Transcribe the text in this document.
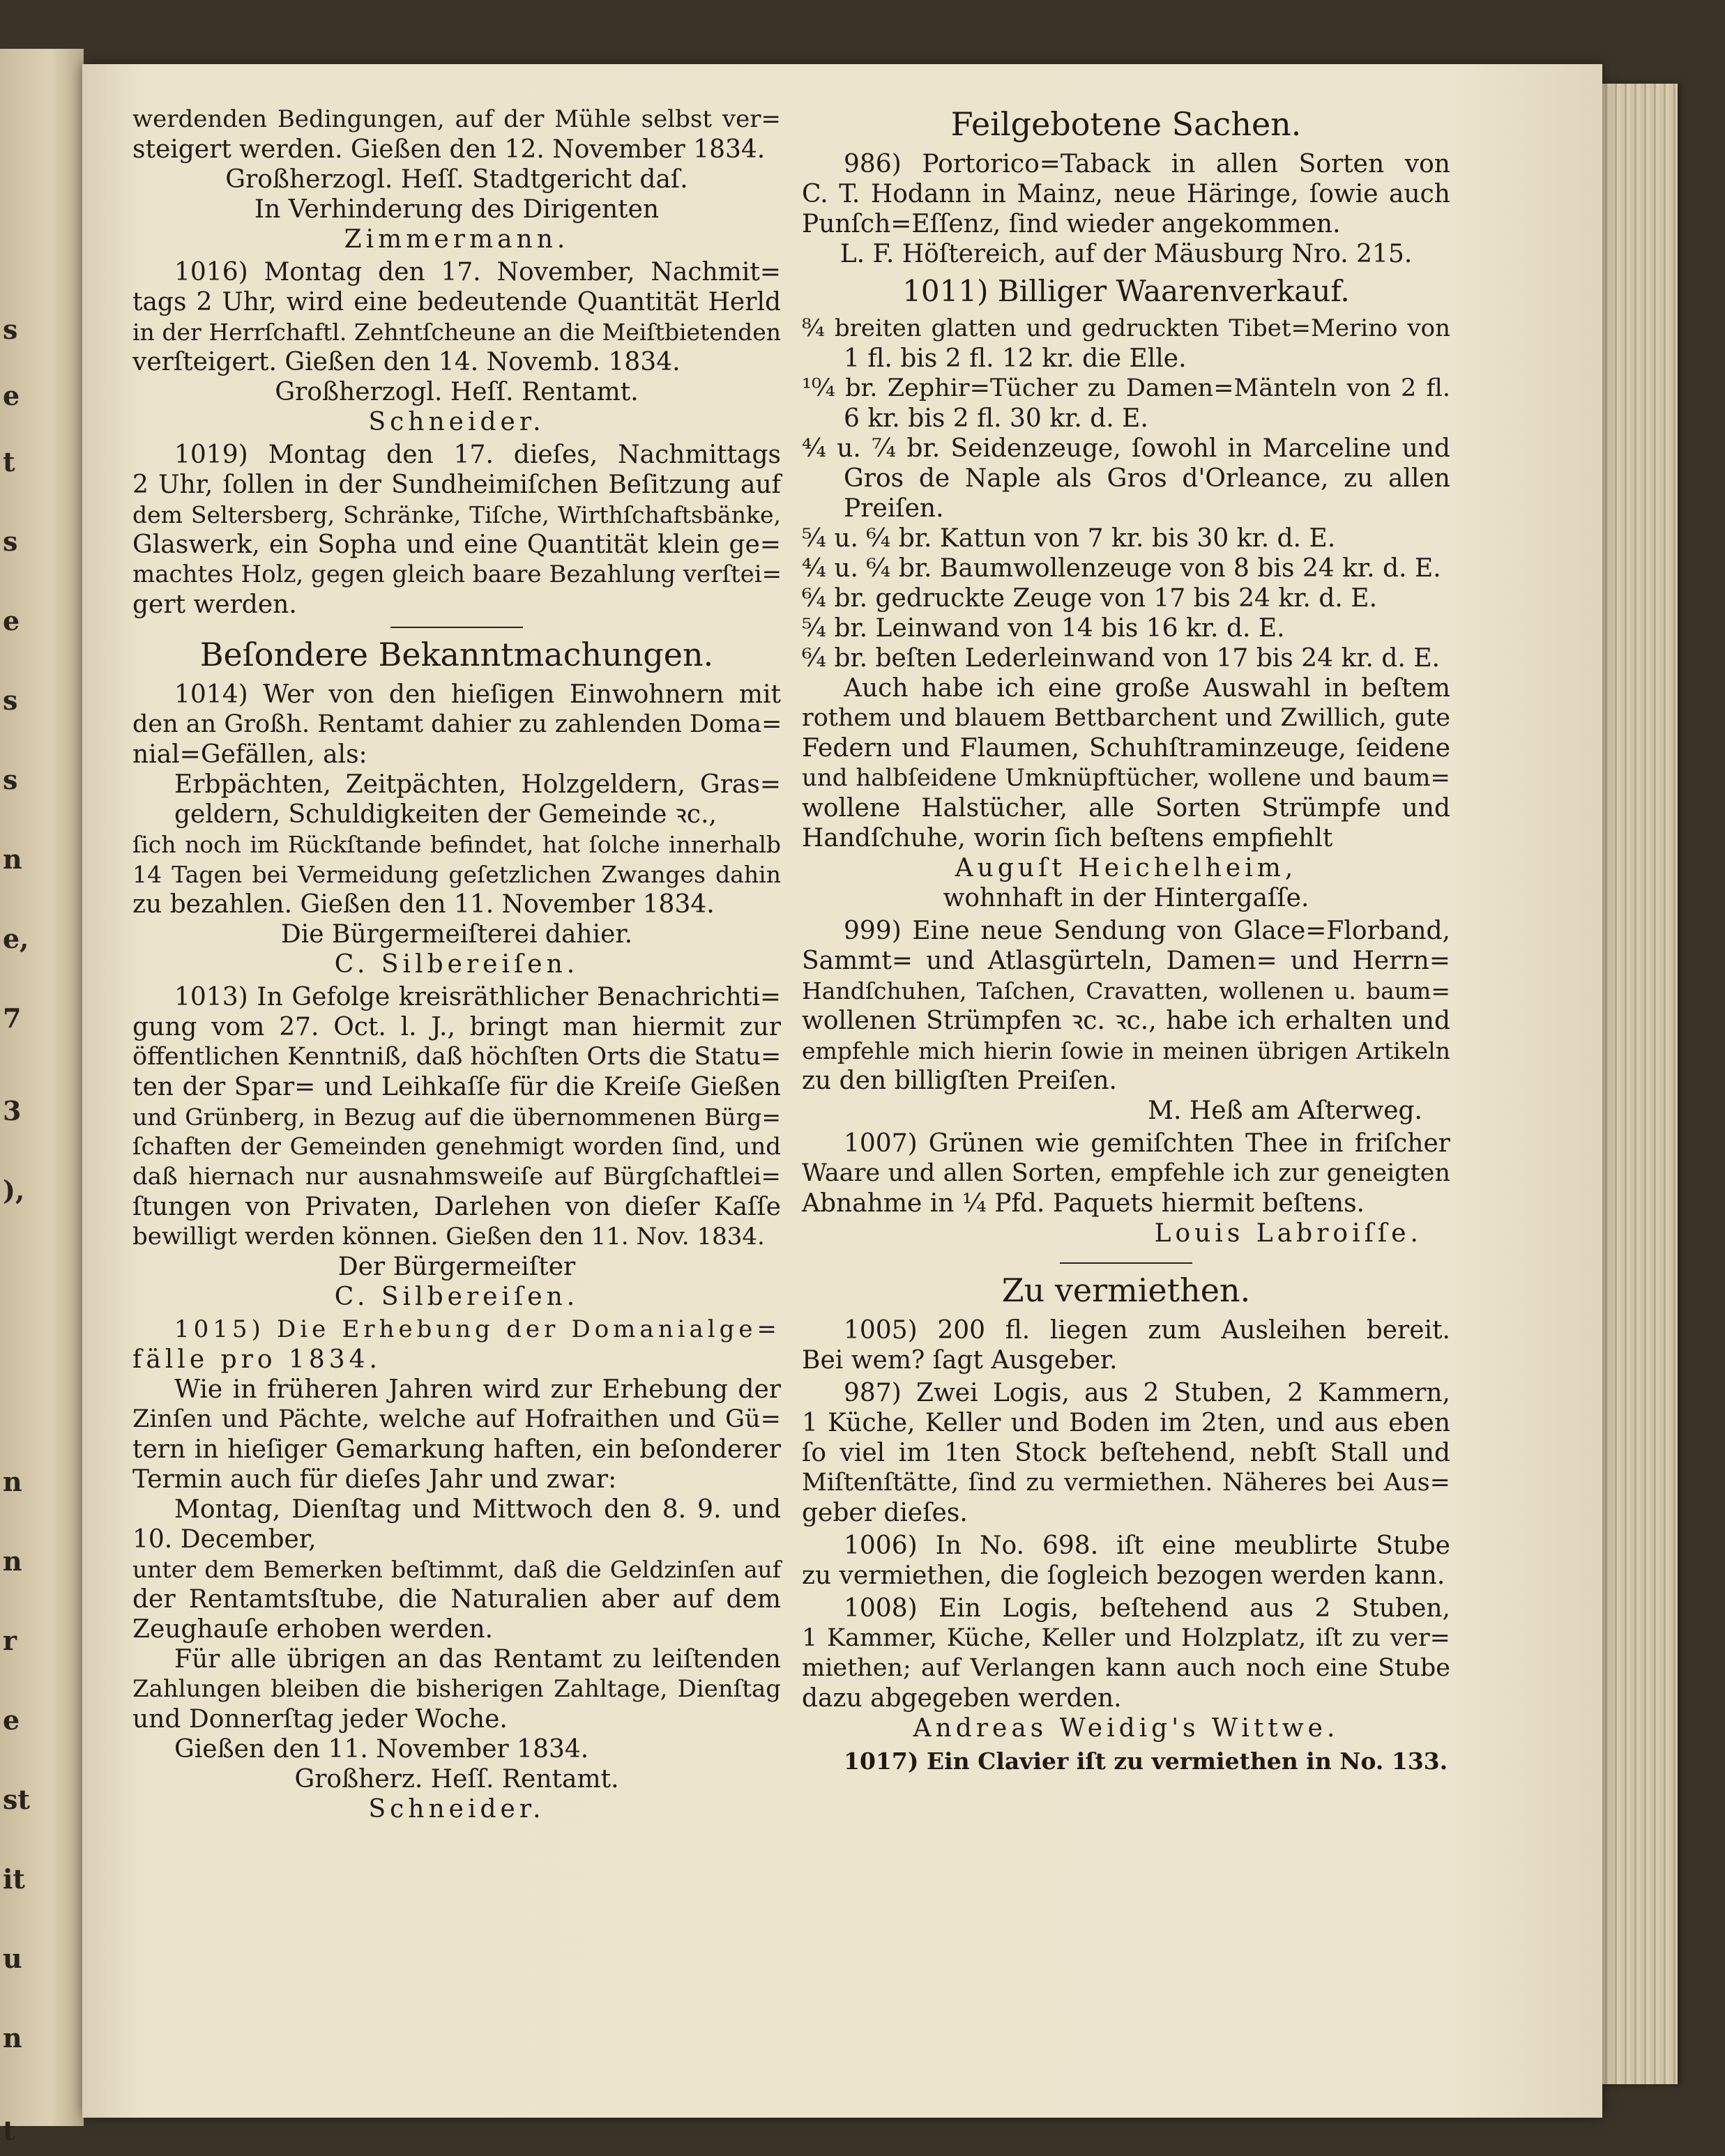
s
e
t
s
e
s
s
n
e,
7
3
),
n
n
r
e
st
it
u
n
t
werdenden Bedingungen, auf der Mühle selbst ver=
steigert werden. Gießen den 12. November 1834.
Großherzogl. Heſſ. Stadtgericht daſ.
In Verhinderung des Dirigenten
Zimmermann.
1016) Montag den 17. November, Nachmit=
tags 2 Uhr, wird eine bedeutende Quantität Herld
in der Herrſchaftl. Zehntſcheune an die Meiſtbietenden
verſteigert. Gießen den 14. Novemb. 1834.
Großherzogl. Heſſ. Rentamt.
Schneider.
1019) Montag den 17. dieſes, Nachmittags
2 Uhr, ſollen in der Sundheimiſchen Beſitzung auf
dem Seltersberg, Schränke, Tiſche, Wirthſchaftsbänke,
Glaswerk, ein Sopha und eine Quantität klein ge=
machtes Holz, gegen gleich baare Bezahlung verſtei=
gert werden.
Beſondere Bekanntmachungen.
1014) Wer von den hieſigen Einwohnern mit
den an Großh. Rentamt dahier zu zahlenden Doma=
nial=Gefällen, als:
Erbpächten, Zeitpächten, Holzgeldern, Gras=
geldern, Schuldigkeiten der Gemeinde ꝛc.,
ſich noch im Rückſtande befindet, hat ſolche innerhalb
14 Tagen bei Vermeidung geſetzlichen Zwanges dahin
zu bezahlen. Gießen den 11. November 1834.
Die Bürgermeiſterei dahier.
C. Silbereiſen.
1013) In Gefolge kreisräthlicher Benachrichti=
gung vom 27. Oct. l. J., bringt man hiermit zur
öffentlichen Kenntniß, daß höchſten Orts die Statu=
ten der Spar= und Leihkaſſe für die Kreiſe Gießen
und Grünberg, in Bezug auf die übernommenen Bürg=
ſchaften der Gemeinden genehmigt worden ſind, und
daß hiernach nur ausnahmsweiſe auf Bürgſchaftlei=
ſtungen von Privaten, Darlehen von dieſer Kaſſe
bewilligt werden können. Gießen den 11. Nov. 1834.
Der Bürgermeiſter
C. Silbereiſen.
1015) Die Erhebung der Domanialge=
fälle pro 1834.
Wie in früheren Jahren wird zur Erhebung der
Zinſen und Pächte, welche auf Hofraithen und Gü=
tern in hieſiger Gemarkung haften, ein beſonderer
Termin auch für dieſes Jahr und zwar:
Montag, Dienſtag und Mittwoch den 8. 9. und
10. December,
unter dem Bemerken beſtimmt, daß die Geldzinſen auf
der Rentamtsſtube, die Naturalien aber auf dem
Zeughauſe erhoben werden.
Für alle übrigen an das Rentamt zu leiſtenden
Zahlungen bleiben die bisherigen Zahltage, Dienſtag
und Donnerſtag jeder Woche.
Gießen den 11. November 1834.
Großherz. Heſſ. Rentamt.
Schneider.
Feilgebotene Sachen.
986) Portorico=Taback in allen Sorten von
C. T. Hodann in Mainz, neue Häringe, ſowie auch
Punſch=Eſſenz, ſind wieder angekommen.
L. F. Höſtereich, auf der Mäusburg Nro. 215.
1011) Billiger Waarenverkauf.
⁸⁄₄ breiten glatten und gedruckten Tibet=Merino von
1 fl. bis 2 fl. 12 kr. die Elle.
¹⁰⁄₄ br. Zephir=Tücher zu Damen=Mänteln von 2 fl.
6 kr. bis 2 fl. 30 kr. d. E.
⁴⁄₄ u. ⁷⁄₄ br. Seidenzeuge, ſowohl in Marceline und
Gros de Naple als Gros d'Orleance, zu allen
Preiſen.
⁵⁄₄ u. ⁶⁄₄ br. Kattun von 7 kr. bis 30 kr. d. E.
⁴⁄₄ u. ⁶⁄₄ br. Baumwollenzeuge von 8 bis 24 kr. d. E.
⁶⁄₄ br. gedruckte Zeuge von 17 bis 24 kr. d. E.
⁵⁄₄ br. Leinwand von 14 bis 16 kr. d. E.
⁶⁄₄ br. beſten Lederleinwand von 17 bis 24 kr. d. E.
Auch habe ich eine große Auswahl in beſtem
rothem und blauem Bettbarchent und Zwillich, gute
Federn und Flaumen, Schuhſtraminzeuge, ſeidene
und halbſeidene Umknüpftücher, wollene und baum=
wollene Halstücher, alle Sorten Strümpfe und
Handſchuhe, worin ſich beſtens empfiehlt
Auguſt Heichelheim,
wohnhaft in der Hintergaſſe.
999) Eine neue Sendung von Glace=Florband,
Sammt= und Atlasgürteln, Damen= und Herrn=
Handſchuhen, Taſchen, Cravatten, wollenen u. baum=
wollenen Strümpfen ꝛc. ꝛc., habe ich erhalten und
empfehle mich hierin ſowie in meinen übrigen Artikeln
zu den billigſten Preiſen.
M. Heß am Aſterweg.
1007) Grünen wie gemiſchten Thee in friſcher
Waare und allen Sorten, empfehle ich zur geneigten
Abnahme in ¼ Pfd. Paquets hiermit beſtens.
Louis Labroiſſe.
Zu vermiethen.
1005) 200 fl. liegen zum Ausleihen bereit.
Bei wem? ſagt Ausgeber.
987) Zwei Logis, aus 2 Stuben, 2 Kammern,
1 Küche, Keller und Boden im 2ten, und aus eben
ſo viel im 1ten Stock beſtehend, nebſt Stall und
Miſtenſtätte, ſind zu vermiethen. Näheres bei Aus=
geber dieſes.
1006) In No. 698. iſt eine meublirte Stube
zu vermiethen, die ſogleich bezogen werden kann.
1008) Ein Logis, beſtehend aus 2 Stuben,
1 Kammer, Küche, Keller und Holzplatz, iſt zu ver=
miethen; auf Verlangen kann auch noch eine Stube
dazu abgegeben werden.
Andreas Weidig's Wittwe.
1017) Ein Clavier iſt zu vermiethen in No. 133.
